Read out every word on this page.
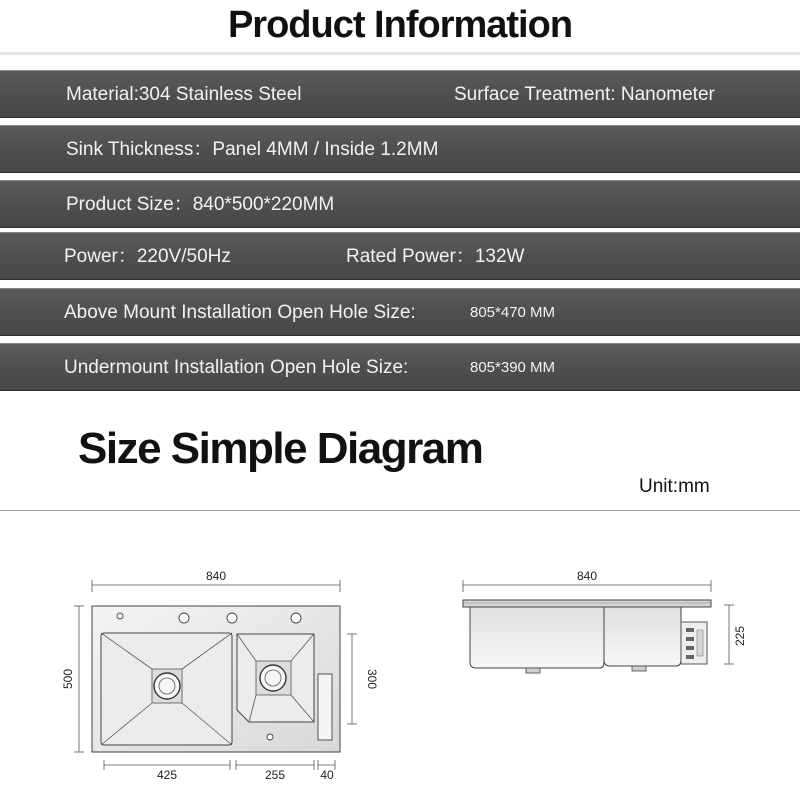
Product Information
Material:304 Stainless Steel	Surface Treatment: Nanometer
Sink Thickness：Panel 4MM / Inside 1.2MM
Product Size：840*500*220MM
Power：220V/50Hz	Rated Power：132W
Above Mount Installation Open Hole Size:	805*470 MM
Undermount Installation Open Hole Size:	805*390 MM
Size Simple Diagram
Unit:mm
840
500	300
425	255	40
840
225
